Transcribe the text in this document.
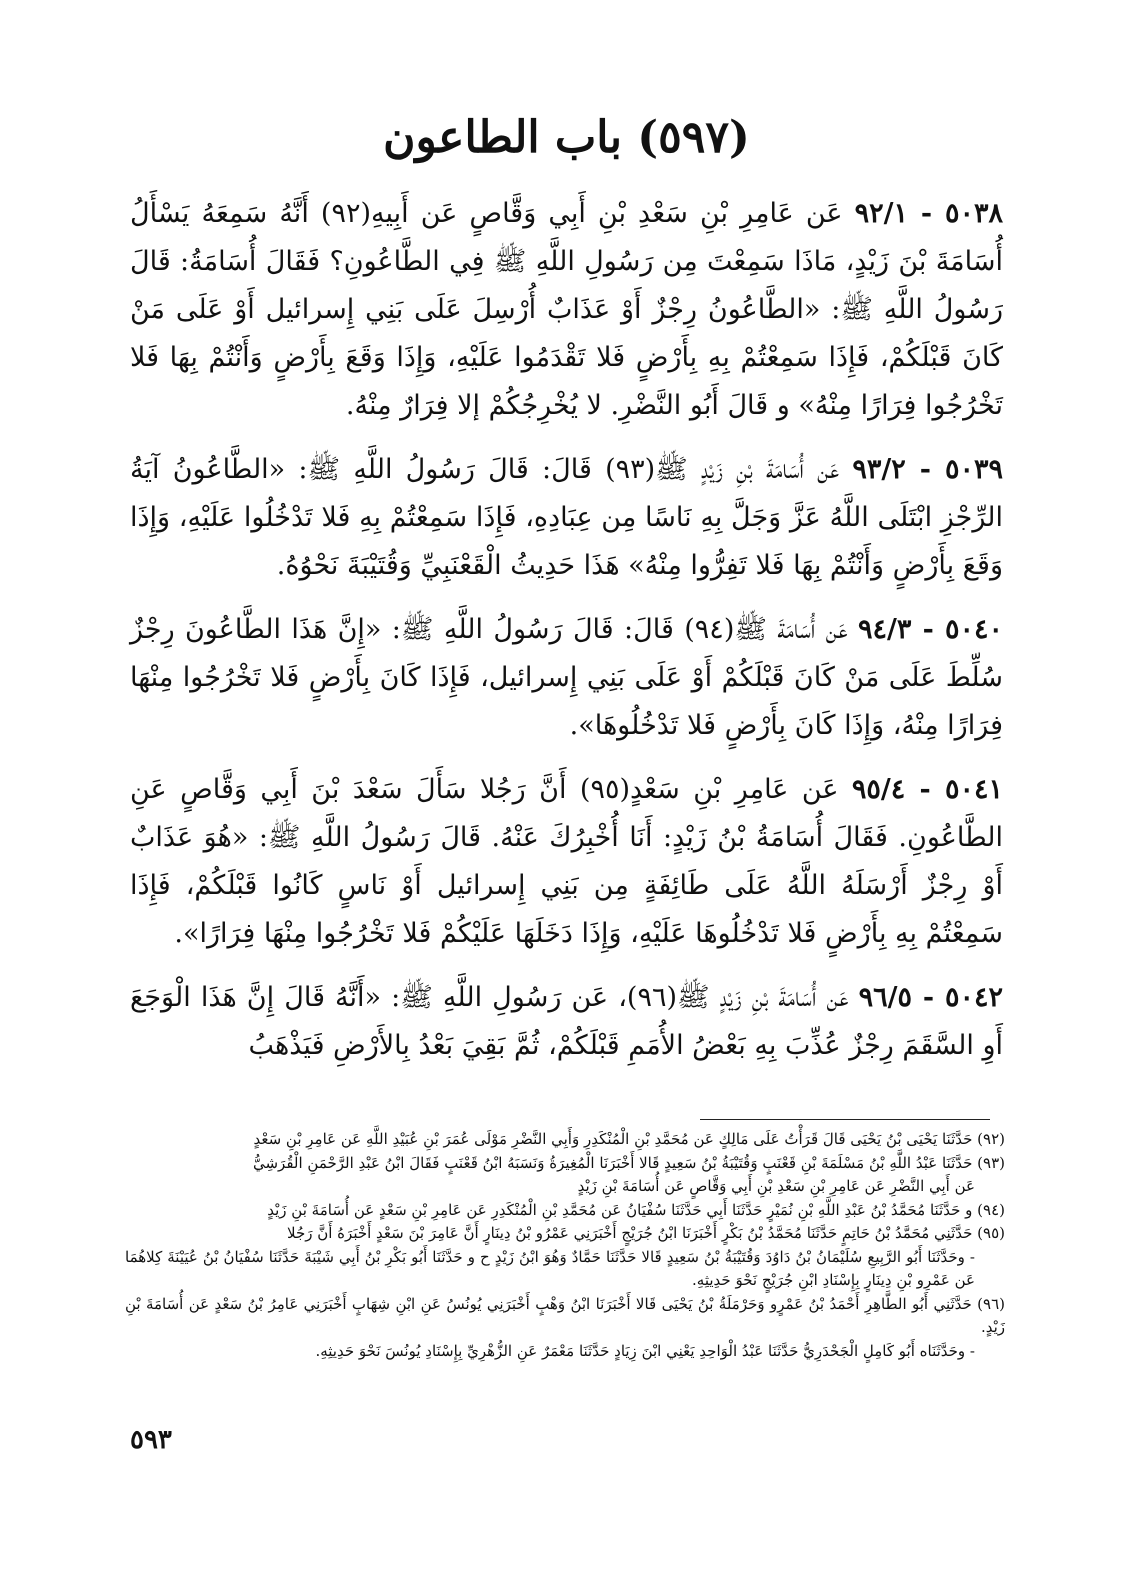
(٥٩٧) باب الطاعون

٥٠٣٨ - ٩٢/١ عَن عَامِرِ بْنِ سَعْدِ بْنِ أَبِي وَقَّاصٍ عَن أَبِيهِ(٩٢) أَنَّهُ سَمِعَهُ يَسْأَلُ أُسَامَةَ بْنَ زَيْدٍ، مَاذَا سَمِعْتَ مِن رَسُولِ اللَّهِ ﷺ فِي الطَّاعُونِ؟ فَقَالَ أُسَامَةُ: قَالَ رَسُولُ اللَّهِ ﷺ: «الطَّاعُونُ رِجْزٌ أَوْ عَذَابٌ أُرْسِلَ عَلَى بَنِي إِسرائيل أَوْ عَلَى مَنْ كَانَ قَبْلَكُمْ، فَإِذَا سَمِعْتُمْ بِهِ بِأَرْضٍ فَلا تَقْدَمُوا عَلَيْهِ، وَإِذَا وَقَعَ بِأَرْضٍ وَأَنْتُمْ بِهَا فَلا تَخْرُجُوا فِرَارًا مِنْهُ» و قَالَ أَبُو النَّضْرِ. لا يُخْرِجُكُمْ إلا فِرَارٌ مِنْهُ.

٥٠٣٩ - ٩٣/٢ عَن أُسَامَةَ بْنِ زَيْدٍ ﷺ(٩٣) قَالَ: قَالَ رَسُولُ اللَّهِ ﷺ: «الطَّاعُونُ آيَةُ الرِّجْزِ ابْتَلَى اللَّهُ عَزَّ وَجَلَّ بِهِ نَاسًا مِن عِبَادِهِ، فَإِذَا سَمِعْتُمْ بِهِ فَلا تَدْخُلُوا عَلَيْهِ، وَإِذَا وَقَعَ بِأَرْضٍ وَأَنْتُمْ بِهَا فَلا تَفِرُّوا مِنْهُ» هَذَا حَدِيثُ الْقَعْنَبِيِّ وَقُتَيْبَةَ نَحْوُهُ.

٥٠٤٠ - ٩٤/٣ عَن أُسَامَةَ ﷺ(٩٤) قَالَ: قَالَ رَسُولُ اللَّهِ ﷺ: «إِنَّ هَذَا الطَّاعُونَ رِجْزٌ سُلِّطَ عَلَى مَنْ كَانَ قَبْلَكُمْ أَوْ عَلَى بَنِي إِسرائيل، فَإِذَا كَانَ بِأَرْضٍ فَلا تَخْرُجُوا مِنْهَا فِرَارًا مِنْهُ، وَإِذَا كَانَ بِأَرْضٍ فَلا تَدْخُلُوهَا».

٥٠٤١ - ٩٥/٤ عَن عَامِرِ بْنِ سَعْدٍ(٩٥) أَنَّ رَجُلا سَأَلَ سَعْدَ بْنَ أَبِي وَقَّاصٍ عَنِ الطَّاعُونِ. فَقَالَ أُسَامَةُ بْنُ زَيْدٍ: أَنَا أُخْبِرُكَ عَنْهُ. قَالَ رَسُولُ اللَّهِ ﷺ: «هُوَ عَذَابٌ أَوْ رِجْزٌ أَرْسَلَهُ اللَّهُ عَلَى طَائِفَةٍ مِن بَنِي إِسرائيل أَوْ نَاسٍ كَانُوا قَبْلَكُمْ، فَإِذَا سَمِعْتُمْ بِهِ بِأَرْضٍ فَلا تَدْخُلُوهَا عَلَيْهِ، وَإِذَا دَخَلَهَا عَلَيْكُمْ فَلا تَخْرُجُوا مِنْهَا فِرَارًا».

٥٠٤٢ - ٩٦/٥ عَن أُسَامَةَ بْنِ زَيْدٍ ﷺ(٩٦)، عَن رَسُولِ اللَّهِ ﷺ: «أَنَّهُ قَالَ إِنَّ هَذَا الْوَجَعَ أَوِ السَّقَمَ رِجْزٌ عُذِّبَ بِهِ بَعْضُ الأُمَمِ قَبْلَكُمْ، ثُمَّ بَقِيَ بَعْدُ بِالأَرْضِ فَيَذْهَبُ

(٩٢) حَدَّثَنَا يَحْيَى بْنُ يَحْيَى قَالَ قَرَأْتُ عَلَى مَالِكٍ عَن مُحَمَّدِ بْنِ الْمُنْكَدِرِ وَأَبِي النَّضْرِ مَوْلَى عُمَرَ بْنِ عُبَيْدِ اللَّهِ عَن عَامِرِ بْنِ سَعْدٍ

(٩٣) حَدَّثَنَا عَبْدُ اللَّهِ بْنُ مَسْلَمَةَ بْنِ قَعْنَبٍ وَقُتَيْبَةُ بْنُ سَعِيدٍ قَالا أَخْبَرَنَا الْمُغِيرَةُ وَنَسَبَهُ ابْنُ قَعْنَبٍ فَقَالَ ابْنُ عَبْدِ الرَّحْمَنِ الْقُرَشِيُّ

عَن أَبِي النَّضْرِ عَن عَامِرِ بْنِ سَعْدِ بْنِ أَبِي وَقَّاصٍ عَن أُسَامَةَ بْنِ زَيْدٍ

(٩٤) و حَدَّثَنَا مُحَمَّدُ بْنُ عَبْدِ اللَّهِ بْنِ نُمَيْرٍ حَدَّثَنَا أَبِي حَدَّثَنَا سُفْيَانُ عَن مُحَمَّدِ بْنِ الْمُنْكَدِرِ عَن عَامِرِ بْنِ سَعْدٍ عَن أُسَامَةَ بْنِ زَيْدٍ

(٩٥) حَدَّثَنِي مُحَمَّدُ بْنُ حَاتِمٍ حَدَّثَنَا مُحَمَّدُ بْنُ بَكْرٍ أَخْبَرَنَا ابْنُ جُرَيْجٍ أَخْبَرَنِي عَمْرُو بْنُ دِينَارٍ أَنَّ عَامِرَ بْنَ سَعْدٍ أَخْبَرَهُ أَنَّ رَجُلا

- وحَدَّثَنَا أَبُو الرَّبِيعِ سُلَيْمَانُ بْنُ دَاوُدَ وَقُتَيْبَةُ بْنُ سَعِيدٍ قَالا حَدَّثَنَا حَمَّادٌ وَهُوَ ابْنُ زَيْدٍ ح و حَدَّثَنَا أَبُو بَكْرِ بْنُ أَبِي شَيْبَةَ حَدَّثَنَا سُفْيَانُ بْنُ عُيَيْنَةَ كِلاهُمَا عَن عَمْرِو بْنِ دِينَارٍ بِإِسْنَادِ ابْنِ جُرَيْجٍ نَحْوَ حَدِيثِهِ.

(٩٦) حَدَّثَنِي أَبُو الطَّاهِرِ أَحْمَدُ بْنُ عَمْرٍو وَحَرْمَلَةُ بْنُ يَحْيَى قَالا أَخْبَرَنَا ابْنُ وَهْبٍ أَخْبَرَنِي يُونُسُ عَنِ ابْنِ شِهَابٍ أَخْبَرَنِي عَامِرُ بْنُ سَعْدٍ عَن أُسَامَةَ بْنِ زَيْدٍ.

- وحَدَّثَنَاه أَبُو كَامِلٍ الْجَحْدَرِيُّ حَدَّثَنَا عَبْدُ الْوَاحِدِ يَعْنِي ابْنَ زِيَادٍ حَدَّثَنَا مَعْمَرٌ عَنِ الزُّهْرِيِّ بِإِسْنَادِ يُونُسَ نَحْوَ حَدِيثِهِ.

٥٩٣
